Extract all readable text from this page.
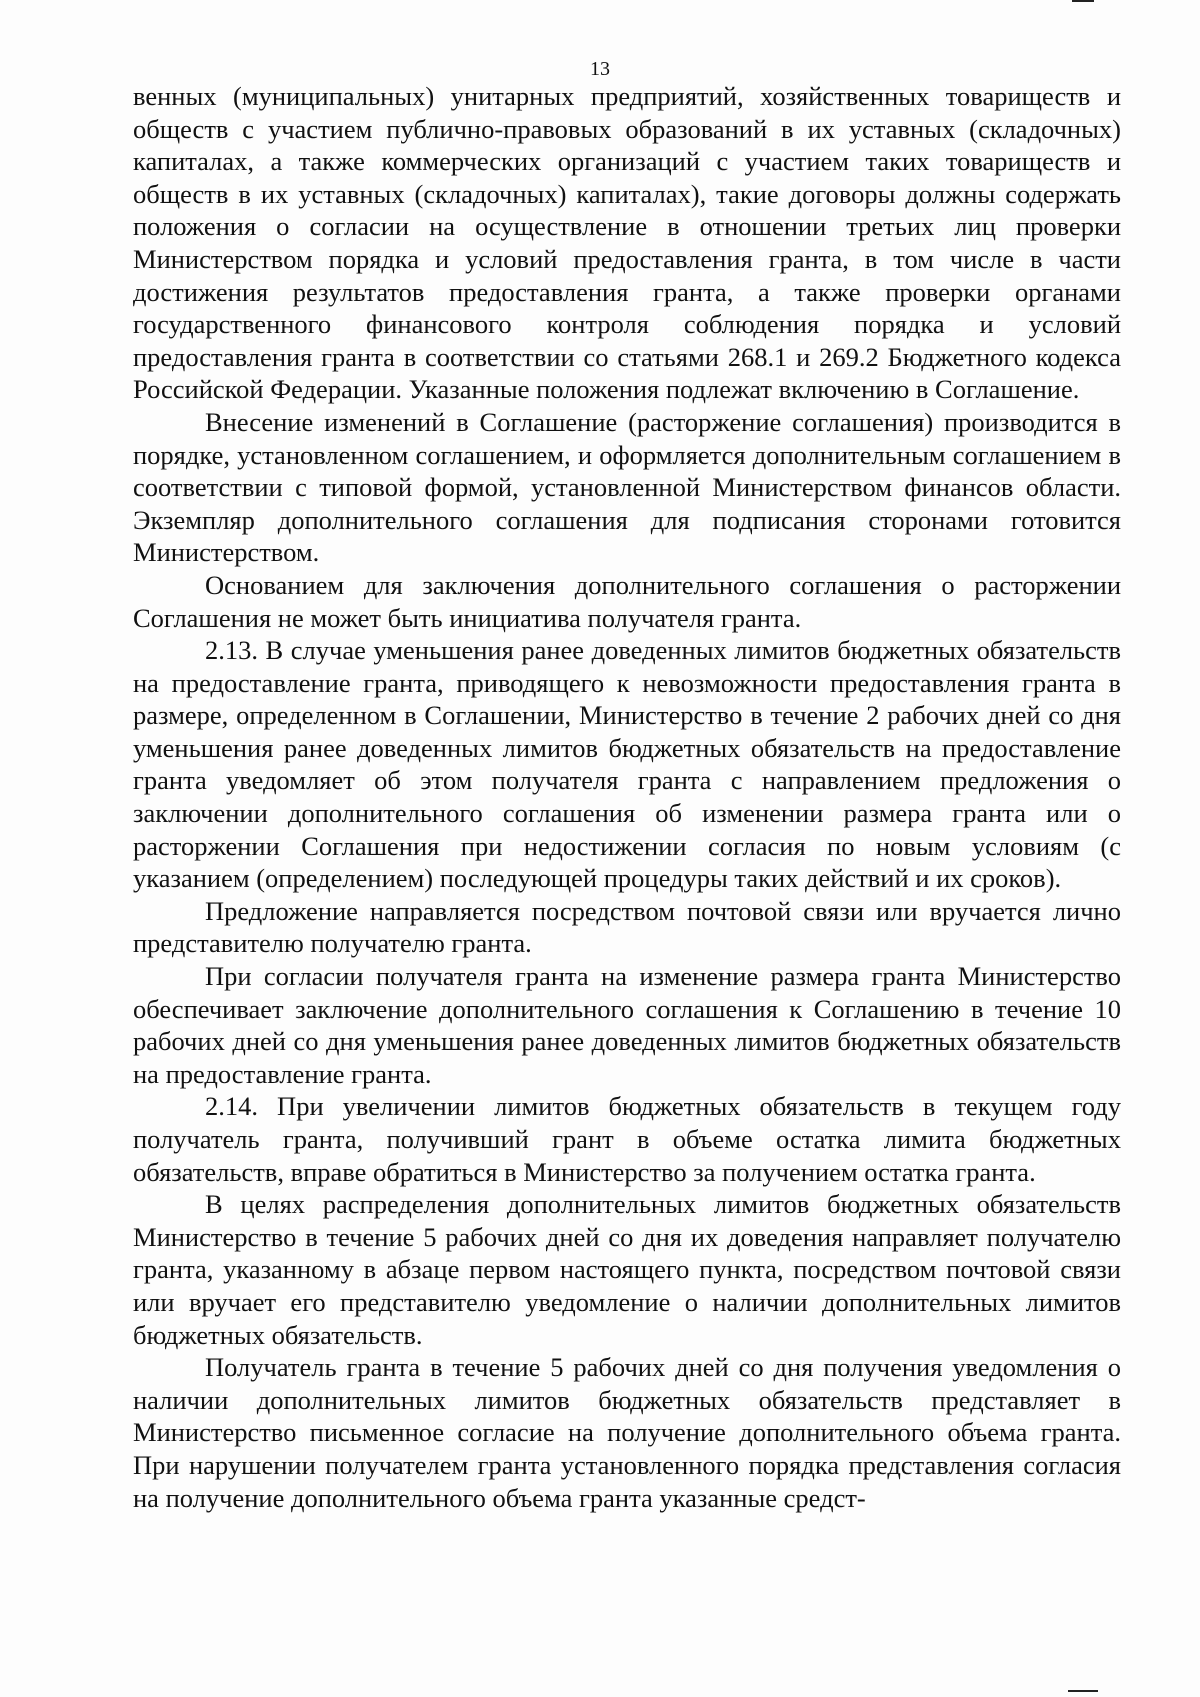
13

венных (муниципальных) унитарных предприятий, хозяйственных товариществ и обществ с участием публично-правовых образований в их уставных (складочных) капиталах, а также коммерческих организаций с участием таких товариществ и обществ в их уставных (складочных) капиталах), такие договоры должны содержать положения о согласии на осуществление в отношении третьих лиц проверки Министерством порядка и условий предоставления гранта, в том числе в части достижения результатов предоставления гранта, а также проверки органами государственного финансового контроля соблюдения порядка и условий предоставления гранта в соответствии со статьями 268.1 и 269.2 Бюджетного кодекса Российской Федерации. Указанные положения подлежат включению в Соглашение.

Внесение изменений в Соглашение (расторжение соглашения) производится в порядке, установленном соглашением, и оформляется дополнительным соглашением в соответствии с типовой формой, установленной Министерством финансов области. Экземпляр дополнительного соглашения для подписания сторонами готовится Министерством.

Основанием для заключения дополнительного соглашения о расторжении Соглашения не может быть инициатива получателя гранта.

2.13. В случае уменьшения ранее доведенных лимитов бюджетных обязательств на предоставление гранта, приводящего к невозможности предоставления гранта в размере, определенном в Соглашении, Министерство в течение 2 рабочих дней со дня уменьшения ранее доведенных лимитов бюджетных обязательств на предоставление гранта уведомляет об этом получателя гранта с направлением предложения о заключении дополнительного соглашения об изменении размера гранта или о расторжении Соглашения при недостижении согласия по новым условиям (с указанием (определением) последующей процедуры таких действий и их сроков).

Предложение направляется посредством почтовой связи или вручается лично представителю получателю гранта.

При согласии получателя гранта на изменение размера гранта Министерство обеспечивает заключение дополнительного соглашения к Соглашению в течение 10 рабочих дней со дня уменьшения ранее доведенных лимитов бюджетных обязательств на предоставление гранта.

2.14. При увеличении лимитов бюджетных обязательств в текущем году получатель гранта, получивший грант в объеме остатка лимита бюджетных обязательств, вправе обратиться в Министерство за получением остатка гранта.

В целях распределения дополнительных лимитов бюджетных обязательств Министерство в течение 5 рабочих дней со дня их доведения направляет получателю гранта, указанному в абзаце первом настоящего пункта, посредством почтовой связи или вручает его представителю уведомление о наличии дополнительных лимитов бюджетных обязательств.

Получатель гранта в течение 5 рабочих дней со дня получения уведомления о наличии дополнительных лимитов бюджетных обязательств представляет в Министерство письменное согласие на получение дополнительного объема гранта. При нарушении получателем гранта установленного порядка представления согласия на получение дополнительного объема гранта указанные средст-
